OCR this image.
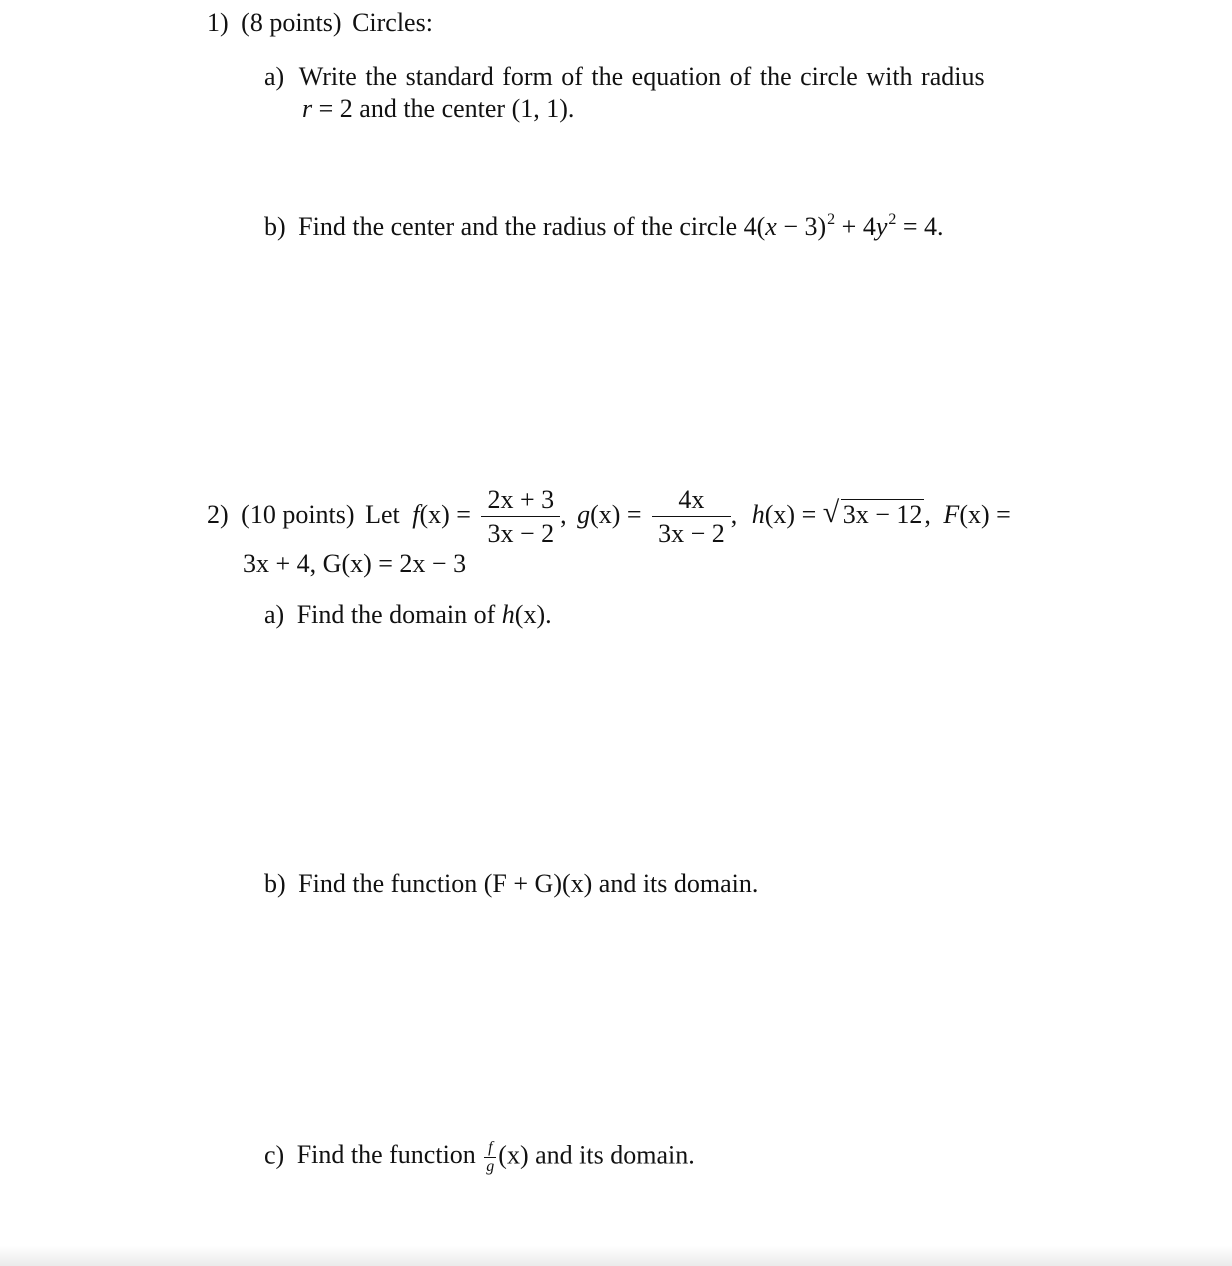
1) (8 points) Circles:
a) Write the standard form of the equation of the circle with radius
r = 2 and the center (1, 1).
b) Find the center and the radius of the circle $4(x - 3)^2 + 4y^2 = 4$.
2) (10 points) Let $f(x) = \frac{2x + 3}{3x - 2}$ , $g(x) = \frac{4x}{3x - 2}$ , h(x) = √ 3x − 12, F(x) =
3x + 4, G(x) = 2x − 3
a) Find the domain of h(x).
b) Find the function (F + G)(x) and its domain.
c) Find the function $\frac{f}{g} (x)$ and its domain.
